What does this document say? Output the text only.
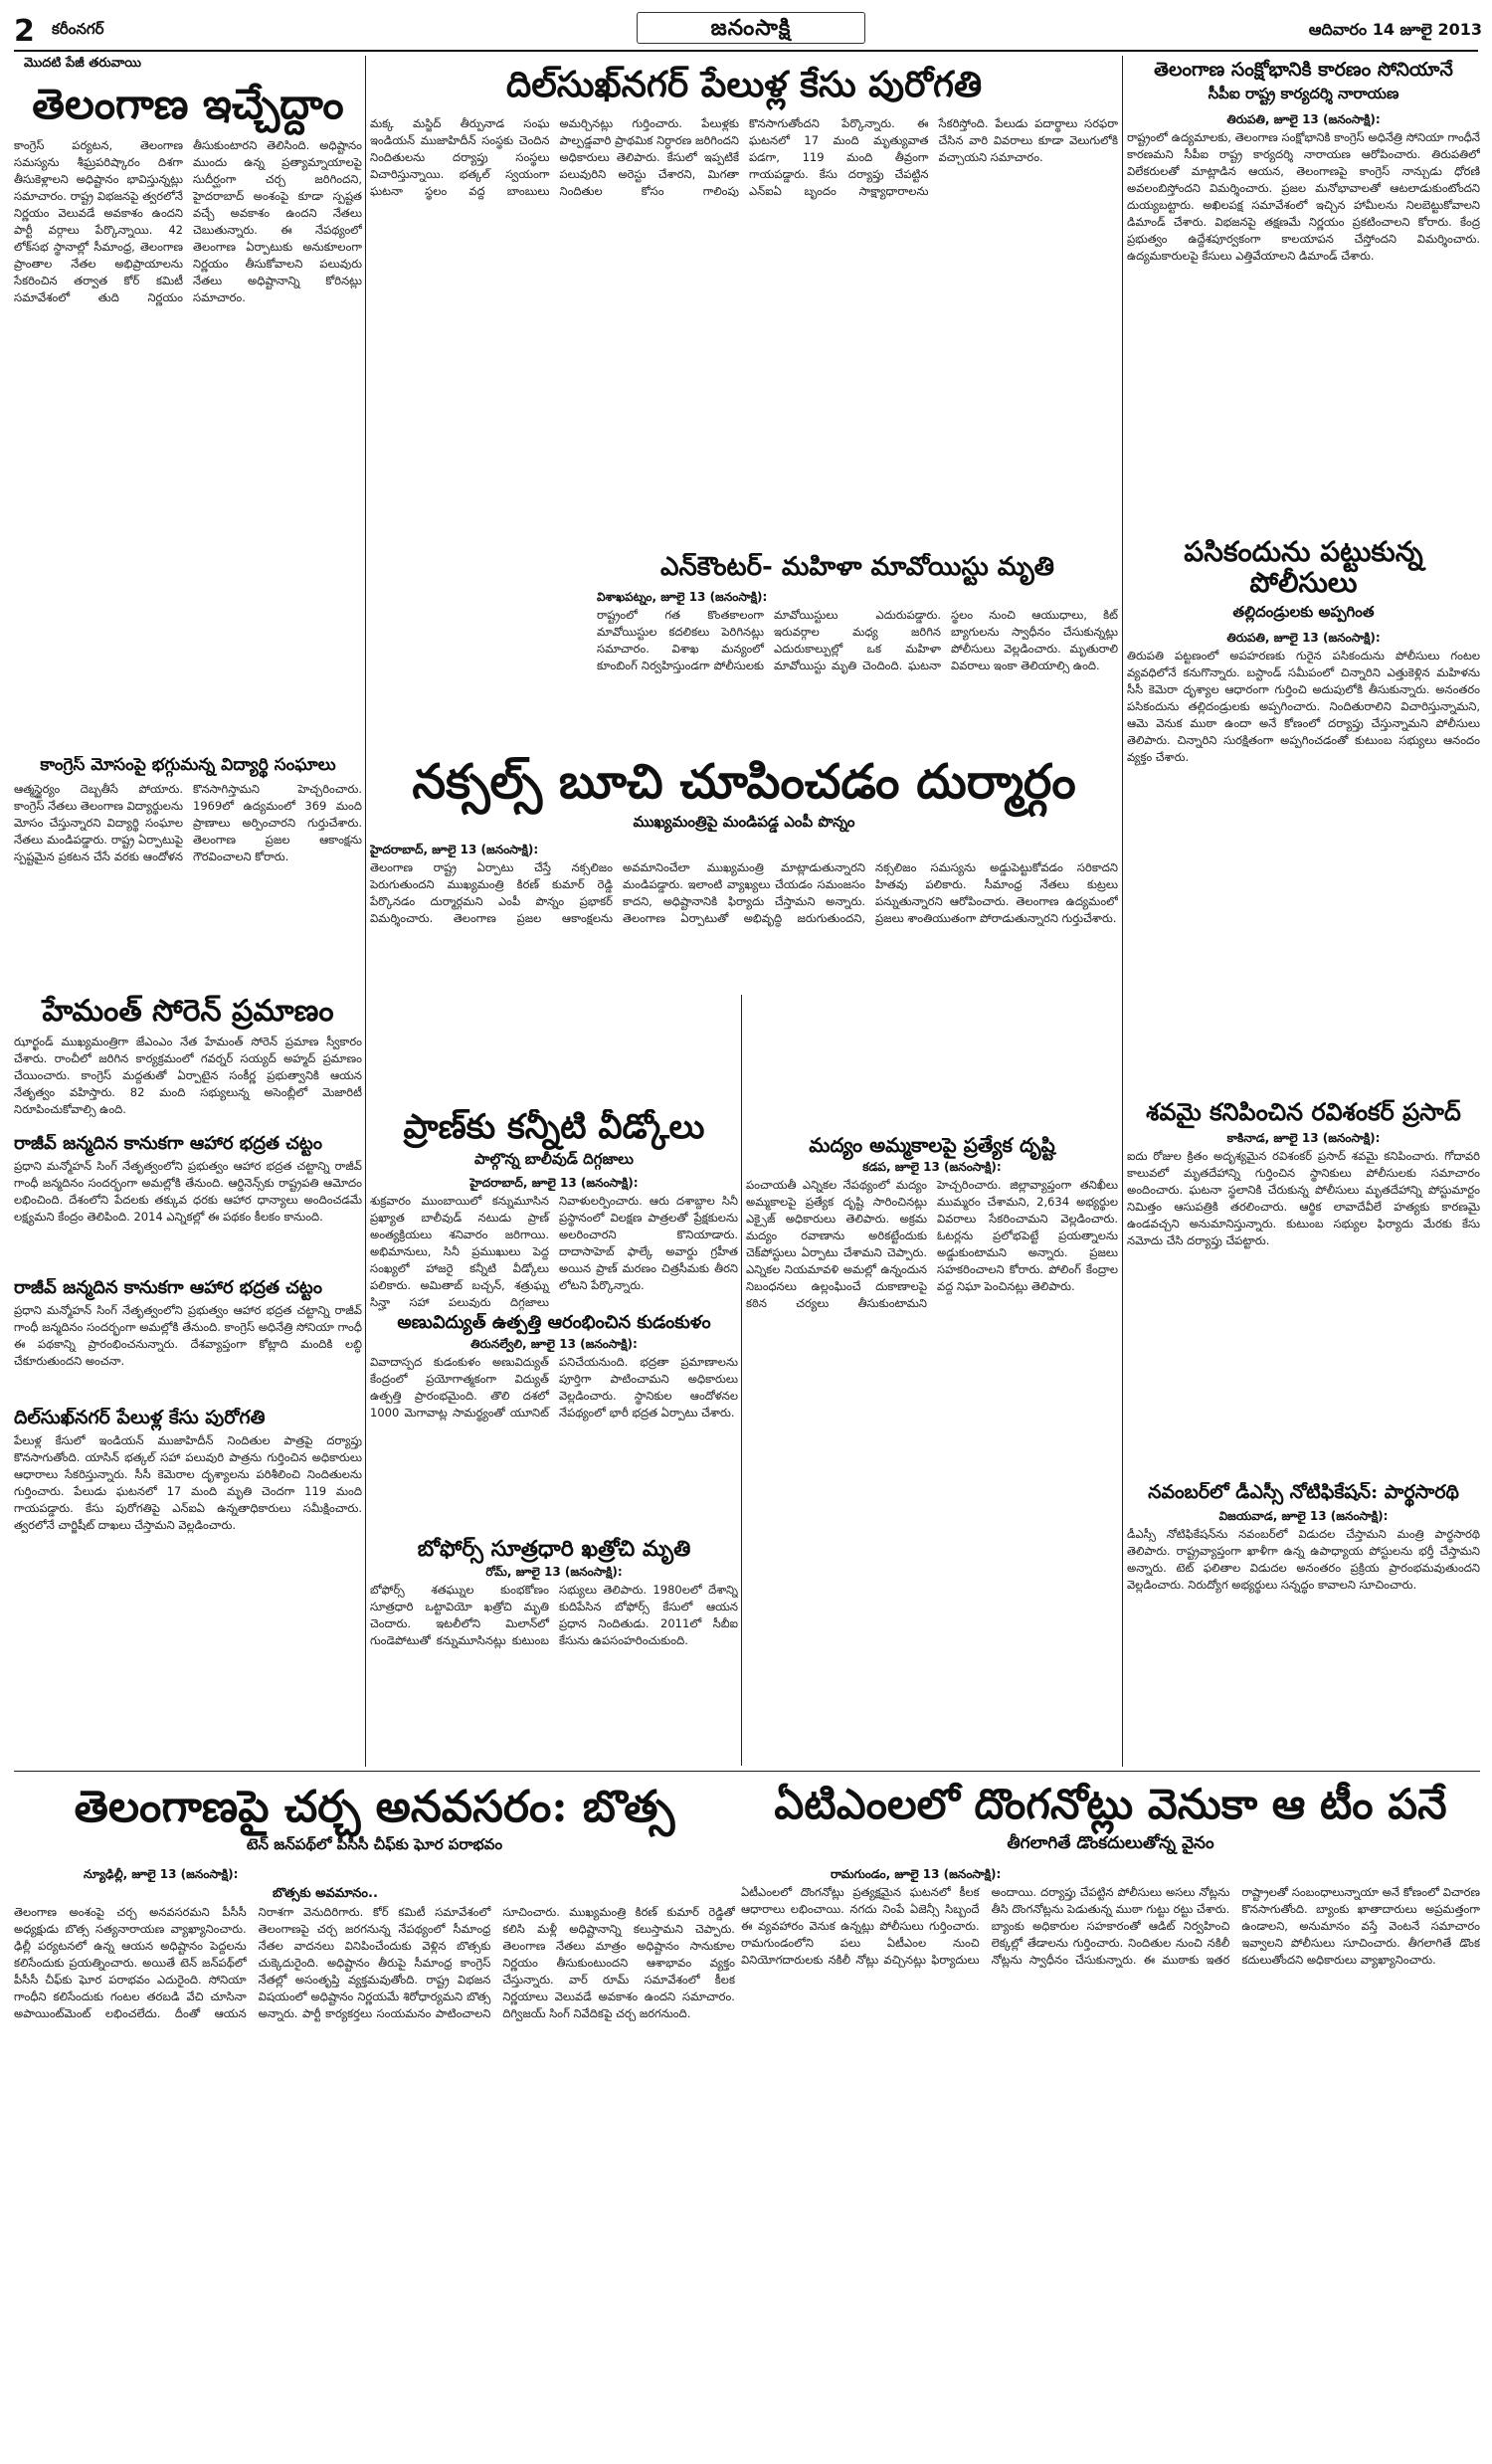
2 కరీంనగర్	జనంసాక్షి	ఆదివారం 14 జూలై 2013
మొదటి పేజీ తరువాయి
తెలంగాణ ఇచ్చేద్దాం
కాంగ్రెస్ పర్యటన, తెలంగాణ సమస్యను శీఘ్రపరిష్కారం దిశగా తీసుకెళ్లాలని అధిష్టానం భావిస్తున్నట్లు సమాచారం. రాష్ట్ర విభజనపై త్వరలోనే నిర్ణయం వెలువడే అవకాశం ఉందని పార్టీ వర్గాలు పేర్కొన్నాయి. 42 లోక్‌సభ స్థానాల్లో సీమాంధ్ర, తెలంగాణ ప్రాంతాల నేతల అభిప్రాయాలను సేకరించిన తర్వాత కోర్ కమిటీ సమావేశంలో తుది నిర్ణయం తీసుకుంటారని తెలిసింది. అధిష్టానం ముందు ఉన్న ప్రత్యామ్నాయాలపై సుదీర్ఘంగా చర్చ జరిగిందని, హైదరాబాద్ అంశంపై కూడా స్పష్టత వచ్చే అవకాశం ఉందని నేతలు చెబుతున్నారు. ఈ నేపథ్యంలో తెలంగాణ ఏర్పాటుకు అనుకూలంగా నిర్ణయం తీసుకోవాలని పలువురు నేతలు అధిష్టానాన్ని కోరినట్లు సమాచారం.
దిల్‌సుఖ్‌నగర్ పేలుళ్ల కేసు పురోగతి
మక్క మస్జిద్ తీర్పునాడ సంఘ ఇండియన్ ముజాహిదీన్ సంస్థకు చెందిన నిందితులను దర్యాప్తు సంస్థలు విచారిస్తున్నాయి. భత్కల్ స్వయంగా ఘటనా స్థలం వద్ద బాంబులు అమర్చినట్లు గుర్తించారు. పేలుళ్లకు పాల్పడ్డవారి ప్రాథమిక నిర్ధారణ జరిగిందని అధికారులు తెలిపారు. కేసులో ఇప్పటికే పలువురిని అరెస్టు చేశారని, మిగతా నిందితుల కోసం గాలింపు కొనసాగుతోందని పేర్కొన్నారు. ఈ ఘటనలో 17 మంది మృత్యువాత పడగా, 119 మంది తీవ్రంగా గాయపడ్డారు. కేసు దర్యాప్తు చేపట్టిన ఎన్ఐఏ బృందం సాక్ష్యాధారాలను సేకరిస్తోంది. పేలుడు పదార్థాలు సరఫరా చేసిన వారి వివరాలు కూడా వెలుగులోకి వచ్చాయని సమాచారం.
ఎన్‌కౌంటర్- మహిళా మావోయిస్టు మృతి
విశాఖపట్నం, జూలై 13 (జనంసాక్షి):
రాష్ట్రంలో గత కొంతకాలంగా మావోయిస్టుల కదలికలు పెరిగినట్లు సమాచారం. విశాఖ మన్యంలో కూంబింగ్ నిర్వహిస్తుండగా పోలీసులకు మావోయిస్టులు ఎదురుపడ్డారు. ఇరువర్గాల మధ్య జరిగిన ఎదురుకాల్పుల్లో ఒక మహిళా మావోయిస్టు మృతి చెందింది. ఘటనా స్థలం నుంచి ఆయుధాలు, కిట్ బ్యాగులను స్వాధీనం చేసుకున్నట్లు పోలీసులు వెల్లడించారు. మృతురాలి వివరాలు ఇంకా తెలియాల్సి ఉంది.
కాంగ్రెస్ మోసంపై భగ్గుమన్న విద్యార్థి సంఘాలు
ఆత్మస్థైర్యం దెబ్బతీసే పోయారు. కాంగ్రెస్ నేతలు తెలంగాణ విద్యార్థులను మోసం చేస్తున్నారని విద్యార్థి సంఘాల నేతలు మండిపడ్డారు. రాష్ట్ర ఏర్పాటుపై స్పష్టమైన ప్రకటన చేసే వరకు ఆందోళన కొనసాగిస్తామని హెచ్చరించారు. 1969లో ఉద్యమంలో 369 మంది ప్రాణాలు అర్పించారని గుర్తుచేశారు. తెలంగాణ ప్రజల ఆకాంక్షను గౌరవించాలని కోరారు.
హేమంత్ సోరెన్ ప్రమాణం
ఝార్ఖండ్ ముఖ్యమంత్రిగా జేఎంఎం నేత హేమంత్ సోరెన్ ప్రమాణ స్వీకారం చేశారు. రాంచీలో జరిగిన కార్యక్రమంలో గవర్నర్ సయ్యద్ అహ్మద్ ప్రమాణం చేయించారు. కాంగ్రెస్ మద్దతుతో ఏర్పాటైన సంకీర్ణ ప్రభుత్వానికి ఆయన నేతృత్వం వహిస్తారు. 82 మంది సభ్యులున్న అసెంబ్లీలో మెజారిటీ నిరూపించుకోవాల్సి ఉంది.
రాజీవ్ జన్మదిన కానుకగా ఆహార భద్రత చట్టం
ప్రధాని మన్మోహన్ సింగ్ నేతృత్వంలోని ప్రభుత్వం ఆహార భద్రత చట్టాన్ని రాజీవ్ గాంధీ జన్మదినం సందర్భంగా అమల్లోకి తేనుంది. ఆర్డినెన్స్‌కు రాష్ట్రపతి ఆమోదం లభించింది. దేశంలోని పేదలకు తక్కువ ధరకు ఆహార ధాన్యాలు అందించడమే లక్ష్యమని కేంద్రం తెలిపింది. 2014 ఎన్నికల్లో ఈ పథకం కీలకం కానుంది.
రాజీవ్ జన్మదిన కానుకగా ఆహార భద్రత చట్టం
ప్రధాని మన్మోహన్ సింగ్ నేతృత్వంలోని ప్రభుత్వం ఆహార భద్రత చట్టాన్ని రాజీవ్ గాంధీ జన్మదినం సందర్భంగా అమల్లోకి తేనుంది. కాంగ్రెస్ అధినేత్రి సోనియా గాంధీ ఈ పథకాన్ని ప్రారంభించనున్నారు. దేశవ్యాప్తంగా కోట్లాది మందికి లబ్ధి చేకూరుతుందని అంచనా.
దిల్‌సుఖ్‌నగర్ పేలుళ్ల కేసు పురోగతి
పేలుళ్ల కేసులో ఇండియన్ ముజాహిదీన్ నిందితుల పాత్రపై దర్యాప్తు కొనసాగుతోంది. యాసిన్ భత్కల్ సహా పలువురి పాత్రను గుర్తించిన అధికారులు ఆధారాలు సేకరిస్తున్నారు. సీసీ కెమెరాల దృశ్యాలను పరిశీలించి నిందితులను గుర్తించారు. పేలుడు ఘటనలో 17 మంది మృతి చెందగా 119 మంది గాయపడ్డారు. కేసు పురోగతిపై ఎన్ఐఏ ఉన్నతాధికారులు సమీక్షించారు. త్వరలోనే చార్జిషీట్ దాఖలు చేస్తామని వెల్లడించారు.
నక్సల్స్ బూచి చూపించడం దుర్మార్గం
ముఖ్యమంత్రిపై మండిపడ్డ ఎంపీ పొన్నం
హైదరాబాద్, జూలై 13 (జనంసాక్షి):
తెలంగాణ రాష్ట్ర ఏర్పాటు చేస్తే నక్సలిజం పెరుగుతుందని ముఖ్యమంత్రి కిరణ్ కుమార్ రెడ్డి పేర్కొనడం దుర్మార్గమని ఎంపీ పొన్నం ప్రభాకర్ విమర్శించారు. తెలంగాణ ప్రజల ఆకాంక్షలను అవమానించేలా ముఖ్యమంత్రి మాట్లాడుతున్నారని మండిపడ్డారు. ఇలాంటి వ్యాఖ్యలు చేయడం సమంజసం కాదని, అధిష్టానానికి ఫిర్యాదు చేస్తామని అన్నారు. తెలంగాణ ఏర్పాటుతో అభివృద్ధి జరుగుతుందని, నక్సలిజం సమస్యను అడ్డుపెట్టుకోవడం సరికాదని హితవు పలికారు. సీమాంధ్ర నేతలు కుట్రలు పన్నుతున్నారని ఆరోపించారు. తెలంగాణ ఉద్యమంలో ప్రజలు శాంతియుతంగా పోరాడుతున్నారని గుర్తుచేశారు.
తెలంగాణ సంక్షోభానికి కారణం సోనియానే
సీపీఐ రాష్ట్ర కార్యదర్శి నారాయణ
తిరుపతి, జూలై 13 (జనంసాక్షి):
రాష్ట్రంలో ఉద్యమాలకు, తెలంగాణ సంక్షోభానికి కాంగ్రెస్ అధినేత్రి సోనియా గాంధీనే కారణమని సీపీఐ రాష్ట్ర కార్యదర్శి నారాయణ ఆరోపించారు. తిరుపతిలో విలేకరులతో మాట్లాడిన ఆయన, తెలంగాణపై కాంగ్రెస్ నాన్చుడు ధోరణి అవలంబిస్తోందని విమర్శించారు. ప్రజల మనోభావాలతో ఆటలాడుకుంటోందని దుయ్యబట్టారు. అఖిలపక్ష సమావేశంలో ఇచ్చిన హామీలను నిలబెట్టుకోవాలని డిమాండ్ చేశారు. విభజనపై తక్షణమే నిర్ణయం ప్రకటించాలని కోరారు. కేంద్ర ప్రభుత్వం ఉద్దేశపూర్వకంగా కాలయాపన చేస్తోందని విమర్శించారు. ఉద్యమకారులపై కేసులు ఎత్తివేయాలని డిమాండ్ చేశారు.
పసికందును పట్టుకున్న పోలీసులు
తల్లిదండ్రులకు అప్పగింత
తిరుపతి, జూలై 13 (జనంసాక్షి):
తిరుపతి పట్టణంలో అపహరణకు గురైన పసికందును పోలీసులు గంటల వ్యవధిలోనే కనుగొన్నారు. బస్టాండ్ సమీపంలో చిన్నారిని ఎత్తుకెళ్లిన మహిళను సీసీ కెమెరా దృశ్యాల ఆధారంగా గుర్తించి అదుపులోకి తీసుకున్నారు. అనంతరం పసికందును తల్లిదండ్రులకు అప్పగించారు. నిందితురాలిని విచారిస్తున్నామని, ఆమె వెనుక ముఠా ఉందా అనే కోణంలో దర్యాప్తు చేస్తున్నామని పోలీసులు తెలిపారు. చిన్నారిని సురక్షితంగా అప్పగించడంతో కుటుంబ సభ్యులు ఆనందం వ్యక్తం చేశారు.
శవమై కనిపించిన రవిశంకర్ ప్రసాద్
కాకినాడ, జూలై 13 (జనంసాక్షి):
ఐదు రోజుల క్రితం అదృశ్యమైన రవిశంకర్ ప్రసాద్ శవమై కనిపించారు. గోదావరి కాలువలో మృతదేహాన్ని గుర్తించిన స్థానికులు పోలీసులకు సమాచారం అందించారు. ఘటనా స్థలానికి చేరుకున్న పోలీసులు మృతదేహాన్ని పోస్టుమార్టం నిమిత్తం ఆసుపత్రికి తరలించారు. ఆర్థిక లావాదేవీలే హత్యకు కారణమై ఉండవచ్చని అనుమానిస్తున్నారు. కుటుంబ సభ్యుల ఫిర్యాదు మేరకు కేసు నమోదు చేసి దర్యాప్తు చేపట్టారు.
నవంబర్‌లో డీఎస్సీ నోటిఫికేషన్: పార్థసారథి
విజయవాడ, జూలై 13 (జనంసాక్షి):
డీఎస్సీ నోటిఫికేషన్‌ను నవంబర్‌లో విడుదల చేస్తామని మంత్రి పార్థసారథి తెలిపారు. రాష్ట్రవ్యాప్తంగా ఖాళీగా ఉన్న ఉపాధ్యాయ పోస్టులను భర్తీ చేస్తామని అన్నారు. టెట్ ఫలితాల విడుదల అనంతరం ప్రక్రియ ప్రారంభమవుతుందని వెల్లడించారు. నిరుద్యోగ అభ్యర్థులు సన్నద్ధం కావాలని సూచించారు.
ప్రాణ్‌కు కన్నీటి వీడ్కోలు
పాల్గొన్న బాలీవుడ్ దిగ్గజాలు
హైదరాబాద్, జూలై 13 (జనంసాక్షి):
శుక్రవారం ముంబాయిలో కన్నుమూసిన ప్రఖ్యాత బాలీవుడ్ నటుడు ప్రాణ్ అంత్యక్రియలు శనివారం జరిగాయి. అభిమానులు, సినీ ప్రముఖులు పెద్ద సంఖ్యలో హాజరై కన్నీటి వీడ్కోలు పలికారు. అమితాబ్ బచ్చన్, శత్రుఘ్న సిన్హా సహా పలువురు దిగ్గజాలు నివాళులర్పించారు. ఆరు దశాబ్దాల సినీ ప్రస్థానంలో విలక్షణ పాత్రలతో ప్రేక్షకులను అలరించారని కొనియాడారు. దాదాసాహెబ్ ఫాల్కే అవార్డు గ్రహీత అయిన ప్రాణ్ మరణం చిత్రసీమకు తీరని లోటని పేర్కొన్నారు.
అణువిద్యుత్ ఉత్పత్తి ఆరంభించిన కుడంకుళం
తిరునల్వేలి, జూలై 13 (జనంసాక్షి):
వివాదాస్పద కుడంకుళం అణువిద్యుత్ కేంద్రంలో ప్రయోగాత్మకంగా విద్యుత్ ఉత్పత్తి ప్రారంభమైంది. తొలి దశలో 1000 మెగావాట్ల సామర్థ్యంతో యూనిట్ పనిచేయనుంది. భద్రతా ప్రమాణాలను పూర్తిగా పాటించామని అధికారులు వెల్లడించారు. స్థానికుల ఆందోళనల నేపథ్యంలో భారీ భద్రత ఏర్పాటు చేశారు.
బోఫోర్స్ సూత్రధారి ఖత్రోచి మృతి
రోమ్, జూలై 13 (జనంసాక్షి):
బోఫోర్స్ శతఘ్నుల కుంభకోణం సూత్రధారి ఒట్టావియో ఖత్రోచి మృతి చెందారు. ఇటలీలోని మిలాన్‌లో గుండెపోటుతో కన్నుమూసినట్లు కుటుంబ సభ్యులు తెలిపారు. 1980లలో దేశాన్ని కుదిపేసిన బోఫోర్స్ కేసులో ఆయన ప్రధాన నిందితుడు. 2011లో సీబీఐ కేసును ఉపసంహరించుకుంది.
మద్యం అమ్మకాలపై ప్రత్యేక దృష్టి
కడప, జూలై 13 (జనంసాక్షి):
పంచాయతీ ఎన్నికల నేపథ్యంలో మద్యం అమ్మకాలపై ప్రత్యేక దృష్టి సారించినట్లు ఎక్సైజ్ అధికారులు తెలిపారు. అక్రమ మద్యం రవాణాను అరికట్టేందుకు చెక్‌పోస్టులు ఏర్పాటు చేశామని చెప్పారు. ఎన్నికల నియమావళి అమల్లో ఉన్నందున నిబంధనలు ఉల్లంఘించే దుకాణాలపై కఠిన చర్యలు తీసుకుంటామని హెచ్చరించారు. జిల్లావ్యాప్తంగా తనిఖీలు ముమ్మరం చేశామని, 2,634 అభ్యర్థుల వివరాలు సేకరించామని వెల్లడించారు. ఓటర్లను ప్రలోభపెట్టే ప్రయత్నాలను అడ్డుకుంటామని అన్నారు. ప్రజలు సహకరించాలని కోరారు. పోలింగ్ కేంద్రాల వద్ద నిఘా పెంచినట్లు తెలిపారు.
ఏటిఎంలలో దొంగనోట్లు వెనుకా ఆ టీం పనే
తీగలాగితే డొంకదులుతోన్న వైనం
రామగుండం, జూలై 13 (జనంసాక్షి):
ఏటీఎంలలో దొంగనోట్లు ప్రత్యక్షమైన ఘటనలో కీలక ఆధారాలు లభించాయి. నగదు నింపే ఏజెన్సీ సిబ్బందే ఈ వ్యవహారం వెనుక ఉన్నట్లు పోలీసులు గుర్తించారు. రామగుండంలోని పలు ఏటీఎంల నుంచి వినియోగదారులకు నకిలీ నోట్లు వచ్చినట్లు ఫిర్యాదులు అందాయి. దర్యాప్తు చేపట్టిన పోలీసులు అసలు నోట్లను తీసి దొంగనోట్లను పెడుతున్న ముఠా గుట్టు రట్టు చేశారు. బ్యాంకు అధికారుల సహకారంతో ఆడిట్ నిర్వహించి లెక్కల్లో తేడాలను గుర్తించారు. నిందితుల నుంచి నకిలీ నోట్లను స్వాధీనం చేసుకున్నారు. ఈ ముఠాకు ఇతర రాష్ట్రాలతో సంబంధాలున్నాయా అనే కోణంలో విచారణ కొనసాగుతోంది. బ్యాంకు ఖాతాదారులు అప్రమత్తంగా ఉండాలని, అనుమానం వస్తే వెంటనే సమాచారం ఇవ్వాలని పోలీసులు సూచించారు. తీగలాగితే డొంక కదులుతోందని అధికారులు వ్యాఖ్యానించారు.
తెలంగాణపై చర్చ అనవసరం: బొత్స
టెన్ జన్‌పథ్‌లో పీసీసీ చీఫ్‌కు ఘోర పరాభవం
న్యూఢిల్లీ, జూలై 13 (జనంసాక్షి):
బొత్సకు అవమానం..
తెలంగాణ అంశంపై చర్చ అనవసరమని పీసీసీ అధ్యక్షుడు బొత్స సత్యనారాయణ వ్యాఖ్యానించారు. ఢిల్లీ పర్యటనలో ఉన్న ఆయన అధిష్టానం పెద్దలను కలిసేందుకు ప్రయత్నించారు. అయితే టెన్ జన్‌పథ్‌లో పీసీసీ చీఫ్‌కు ఘోర పరాభవం ఎదురైంది. సోనియా గాంధీని కలిసేందుకు గంటల తరబడి వేచి చూసినా అపాయింట్‌మెంట్ లభించలేదు. దీంతో ఆయన నిరాశగా వెనుదిరిగారు. కోర్ కమిటీ సమావేశంలో తెలంగాణపై చర్చ జరగనున్న నేపథ్యంలో సీమాంధ్ర నేతల వాదనలు వినిపించేందుకు వెళ్లిన బొత్సకు చుక్కెదురైంది. అధిష్టానం తీరుపై సీమాంధ్ర కాంగ్రెస్ నేతల్లో అసంతృప్తి వ్యక్తమవుతోంది. రాష్ట్ర విభజన విషయంలో అధిష్టానం నిర్ణయమే శిరోధార్యమని బొత్స అన్నారు. పార్టీ కార్యకర్తలు సంయమనం పాటించాలని సూచించారు. ముఖ్యమంత్రి కిరణ్ కుమార్ రెడ్డితో కలిసి మళ్లీ అధిష్టానాన్ని కలుస్తామని చెప్పారు. తెలంగాణ నేతలు మాత్రం అధిష్టానం సానుకూల నిర్ణయం తీసుకుంటుందని ఆశాభావం వ్యక్తం చేస్తున్నారు. వార్ రూమ్ సమావేశంలో కీలక నిర్ణయాలు వెలువడే అవకాశం ఉందని సమాచారం. దిగ్విజయ్ సింగ్ నివేదికపై చర్చ జరగనుంది.
